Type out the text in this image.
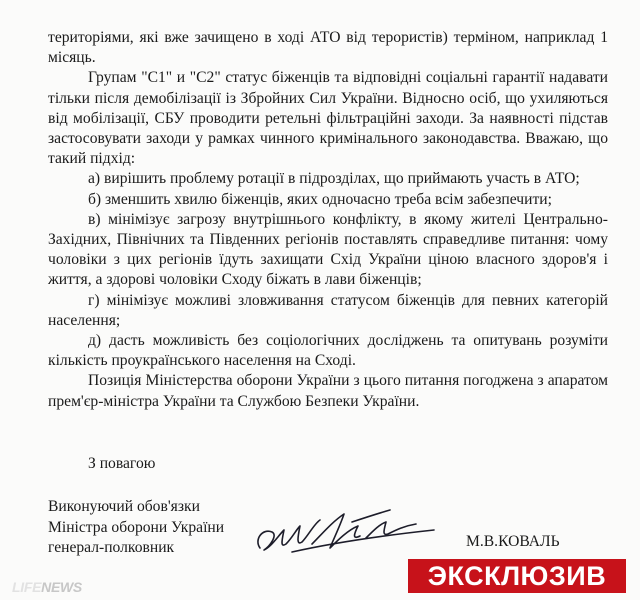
територіями, які вже зачищено в ході АТО від терористів) терміном, наприклад 1 місяць.

Групам "С1" и "С2" статус біженців та відповідні соціальні гарантії надавати тільки після демобілізації із Збройних Сил України. Відносно осіб, що ухиляються від мобілізації, СБУ проводити ретельні фільтраційні заходи. За наявності підстав застосовувати заходи у рамках чинного кримінального законодавства. Вважаю, що такий підхід:

а) вирішить проблему ротації в підрозділах, що приймають участь в АТО;

б) зменшить хвилю біженців, яких одночасно треба всім забезпечити;

в) мінімізує загрозу внутрішнього конфлікту, в якому жителі Центрально-Західних, Північних та Південних регіонів поставлять справедливе питання: чому чоловіки з цих регіонів їдуть захищати Схід України ціною власного здоров'я і життя, а здорові чоловіки Сходу біжать в лави біженців;

г) мінімізує можливі зловживання статусом біженців для певних категорій населення;

д) дасть можливість без соціологічних досліджень та опитувань розуміти кількість проукраїнського населення на Сході.

Позиція Міністерства оборони України з цього питання погоджена з апаратом прем'єр-міністра України та Службою Безпеки України.

З повагою
Виконуючий обов'язки
Міністра оборони України
генерал-полковник	М.В.КОВАЛЬ
LIFENEWS	ЭКСКЛЮЗИВ
